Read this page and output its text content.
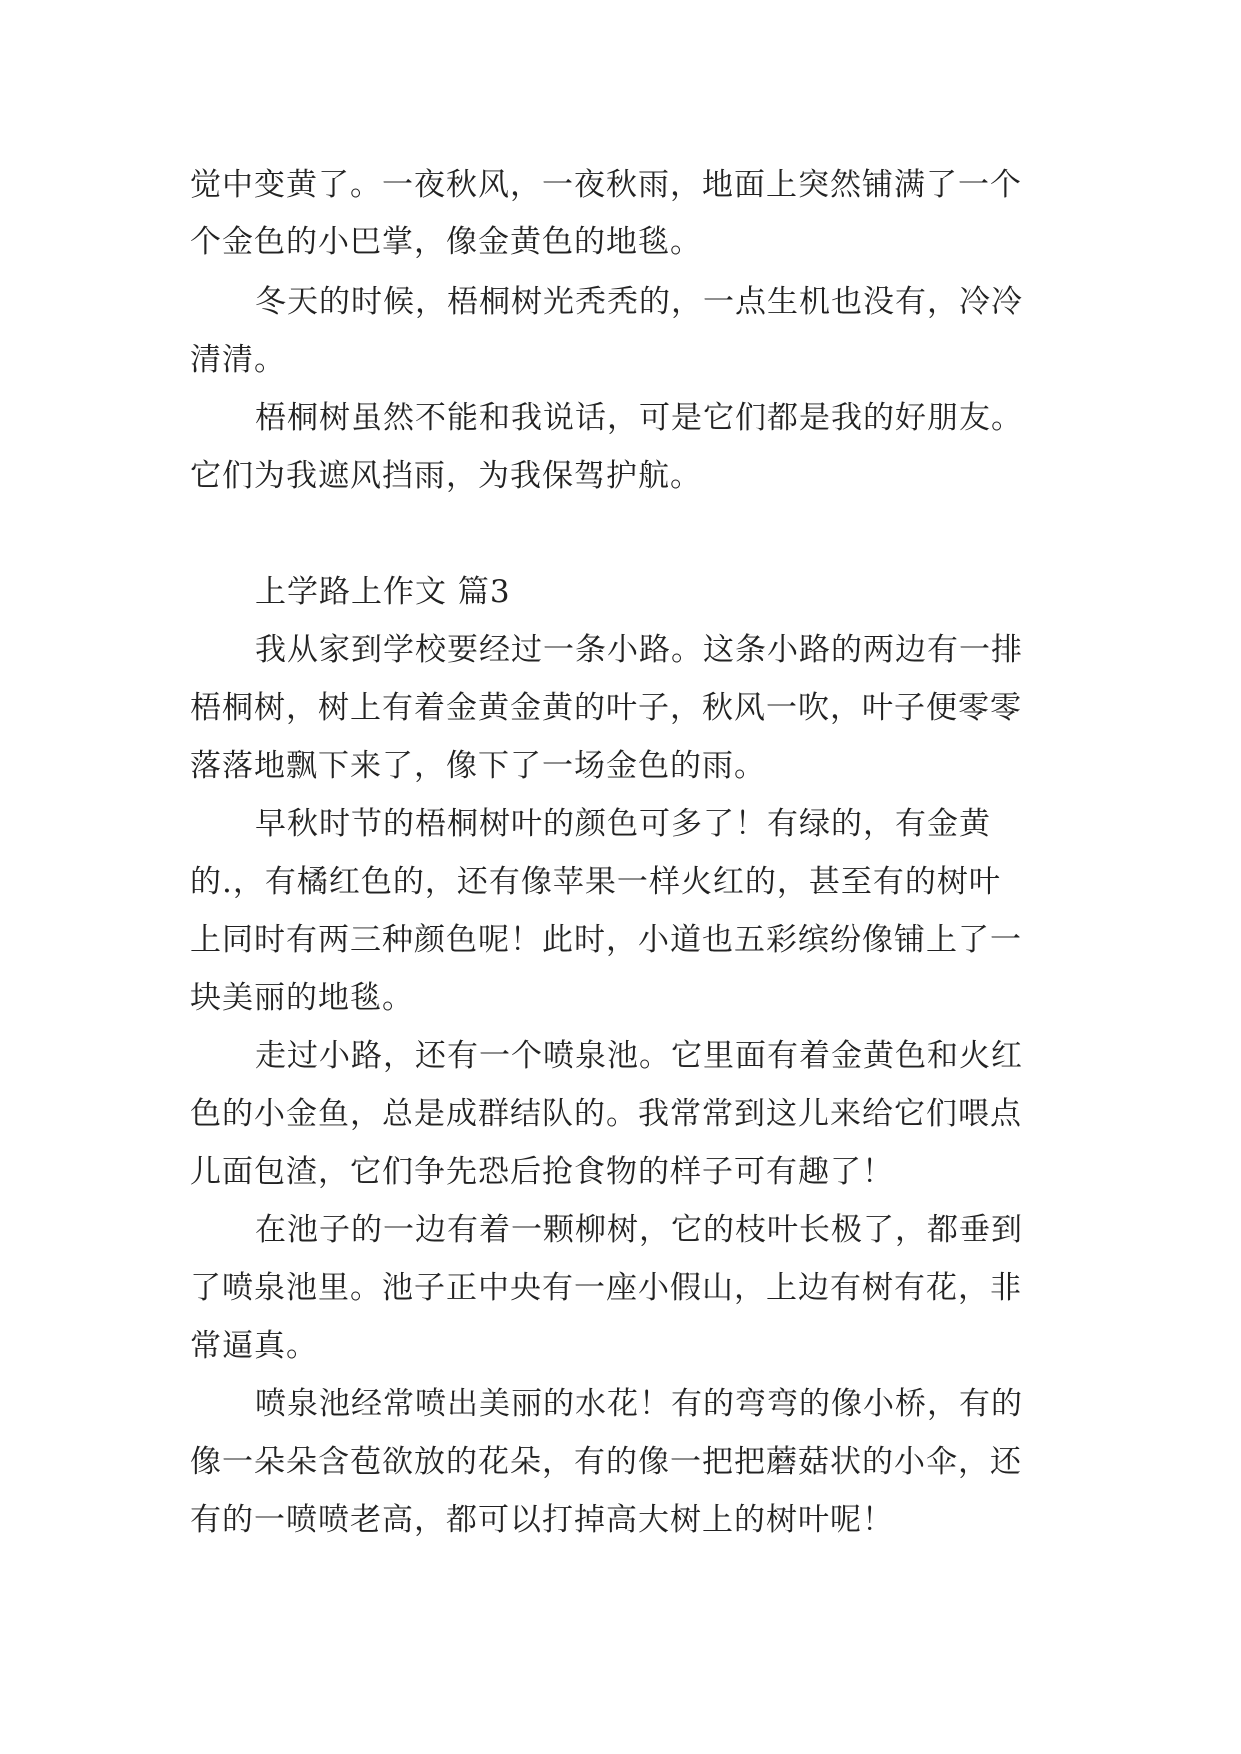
觉中变黄了。一夜秋风，一夜秋雨，地面上突然铺满了一个
个金色的小巴掌，像金黄色的地毯。
冬天的时候，梧桐树光秃秃的，一点生机也没有，冷冷
清清。
梧桐树虽然不能和我说话，可是它们都是我的好朋友。
它们为我遮风挡雨，为我保驾护航。
上学路上作文 篇3
我从家到学校要经过一条小路。这条小路的两边有一排
梧桐树，树上有着金黄金黄的叶子，秋风一吹，叶子便零零
落落地飘下来了，像下了一场金色的雨。
早秋时节的梧桐树叶的颜色可多了！有绿的，有金黄
的.，有橘红色的，还有像苹果一样火红的，甚至有的树叶
上同时有两三种颜色呢！此时，小道也五彩缤纷像铺上了一
块美丽的地毯。
走过小路，还有一个喷泉池。它里面有着金黄色和火红
色的小金鱼，总是成群结队的。我常常到这儿来给它们喂点
儿面包渣，它们争先恐后抢食物的样子可有趣了！
在池子的一边有着一颗柳树，它的枝叶长极了，都垂到
了喷泉池里。池子正中央有一座小假山，上边有树有花，非
常逼真。
喷泉池经常喷出美丽的水花！有的弯弯的像小桥，有的
像一朵朵含苞欲放的花朵，有的像一把把蘑菇状的小伞，还
有的一喷喷老高，都可以打掉高大树上的树叶呢！
